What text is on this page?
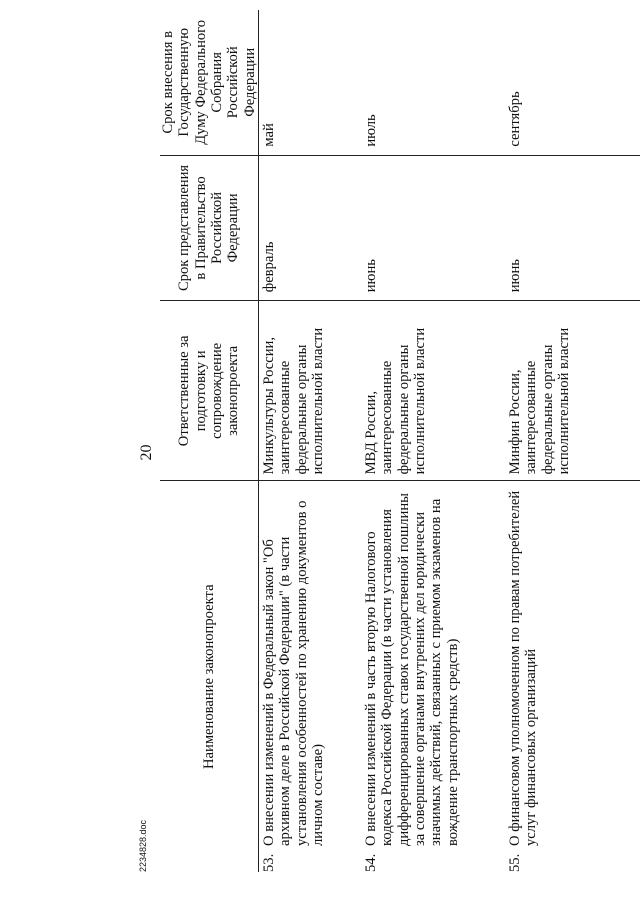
20
Наименование законопроекта	Ответственные за подготовку и сопровождение законопроекта	Срок представления в Правительство Российской Федерации	Срок внесения в Государственную Думу Федерального Собрания Российской Федерации

53.
О внесении изменений в Федеральный закон "Об архивном деле в Российской Федерации" (в части установления особенностей по хранению документов о личном составе)	Минкультуры России, заинтересованные федеральные органы исполнительной власти	февраль	май

54.
О внесении изменений в часть вторую Налогового кодекса Российской Федерации (в части установления дифференцированных ставок государственной пошлины за совершение органами внутренних дел юридически значимых действий, связанных с приемом экзаменов на вождение транспортных средств)	МВД России, заинтересованные федеральные органы исполнительной власти	июнь	июль

55.
О финансовом уполномоченном по правам потребителей услуг финансовых организаций	Минфин России, заинтересованные федеральные органы исполнительной власти	июнь	сентябрь
2234828.doc
